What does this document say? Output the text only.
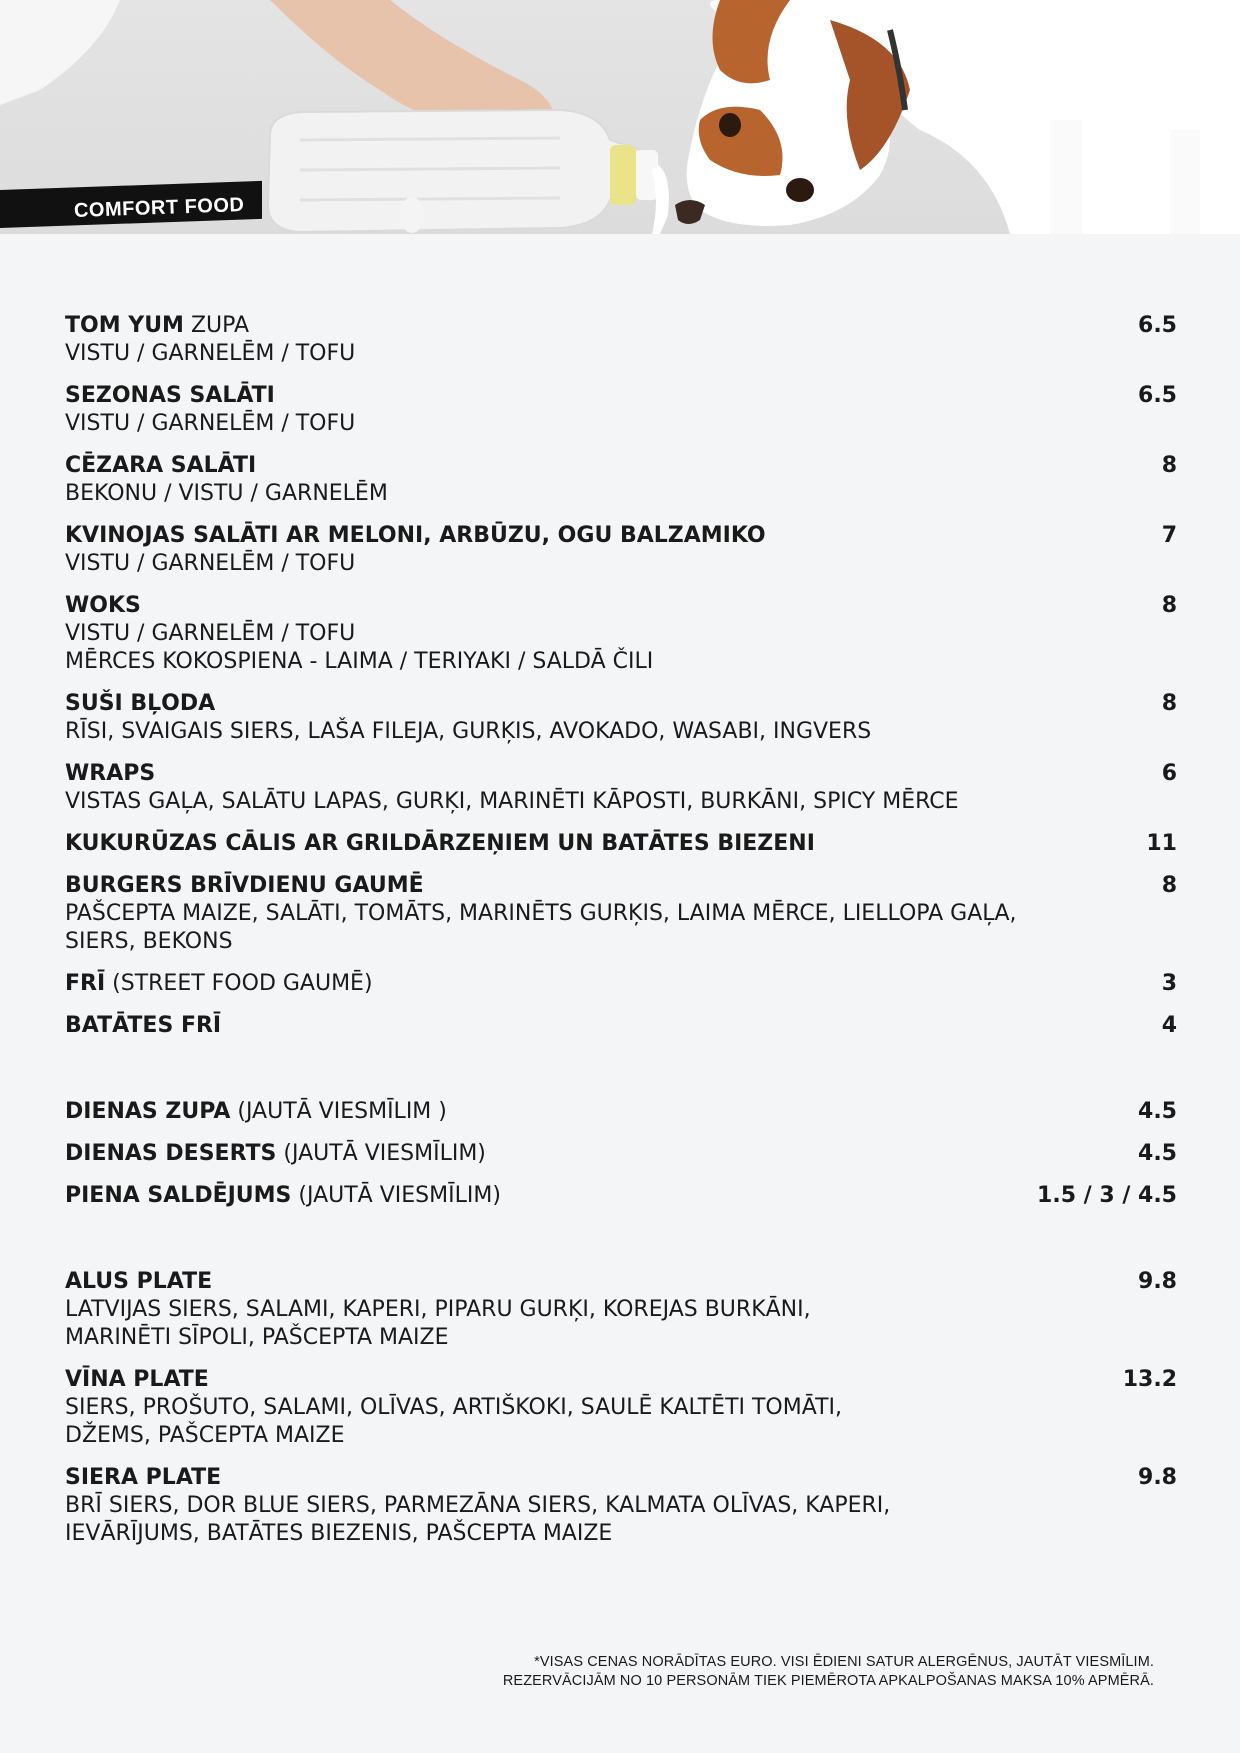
COMFORT FOOD
TOM YUM ZUPA
VISTU / GARNELĒM / TOFU
6.5
SEZONAS SALĀTI
VISTU / GARNELĒM / TOFU
6.5
CĒZARA SALĀTI
BEKONU / VISTU / GARNELĒM
8
KVINOJAS SALĀTI AR MELONI, ARBŪZU, OGU BALZAMIKO
VISTU / GARNELĒM / TOFU
7
WOKS
VISTU / GARNELĒM / TOFU
MĒRCES KOKOSPIENA - LAIMA / TERIYAKI / SALDĀ ČILI
8
SUŠI BĻODA
RĪSI, SVAIGAIS SIERS, LAŠA FILEJA, GURĶIS, AVOKADO, WASABI, INGVERS
8
WRAPS
VISTAS GAĻA, SALĀTU LAPAS, GURĶI, MARINĒTI KĀPOSTI, BURKĀNI, SPICY MĒRCE
6
KUKURŪZAS CĀLIS AR GRILDĀRZEŅIEM UN BATĀTES BIEZENI	11
BURGERS BRĪVDIENU GAUMĒ
PAŠCEPTA MAIZE, SALĀTI, TOMĀTS, MARINĒTS GURĶIS, LAIMA MĒRCE, LIELLOPA GAĻA,
SIERS, BEKONS
8
FRĪ (STREET FOOD GAUMĒ)	3
BATĀTES FRĪ	4
DIENAS ZUPA (JAUTĀ VIESMĪLIM )	4.5
DIENAS DESERTS (JAUTĀ VIESMĪLIM)	4.5
PIENA SALDĒJUMS (JAUTĀ VIESMĪLIM)	1.5 / 3 / 4.5
ALUS PLATE
LATVIJAS SIERS, SALAMI, KAPERI, PIPARU GURĶI, KOREJAS BURKĀNI,
MARINĒTI SĪPOLI, PAŠCEPTA MAIZE
9.8
VĪNA PLATE
SIERS, PROŠUTO, SALAMI, OLĪVAS, ARTIŠKOKI, SAULĒ KALTĒTI TOMĀTI,
DŽEMS, PAŠCEPTA MAIZE
13.2
SIERA PLATE
BRĪ SIERS, DOR BLUE SIERS, PARMEZĀNA SIERS, KALMATA OLĪVAS, KAPERI,
IEVĀRĪJUMS, BATĀTES BIEZENIS, PAŠCEPTA MAIZE
9.8
*VISAS CENAS NORĀDĪTAS EURO. VISI ĒDIENI SATUR ALERGĒNUS, JAUTĀT VIESMĪLIM.
REZERVĀCIJĀM NO 10 PERSONĀM TIEK PIEMĒROTA APKALPOŠANAS MAKSA 10% APMĒRĀ.
